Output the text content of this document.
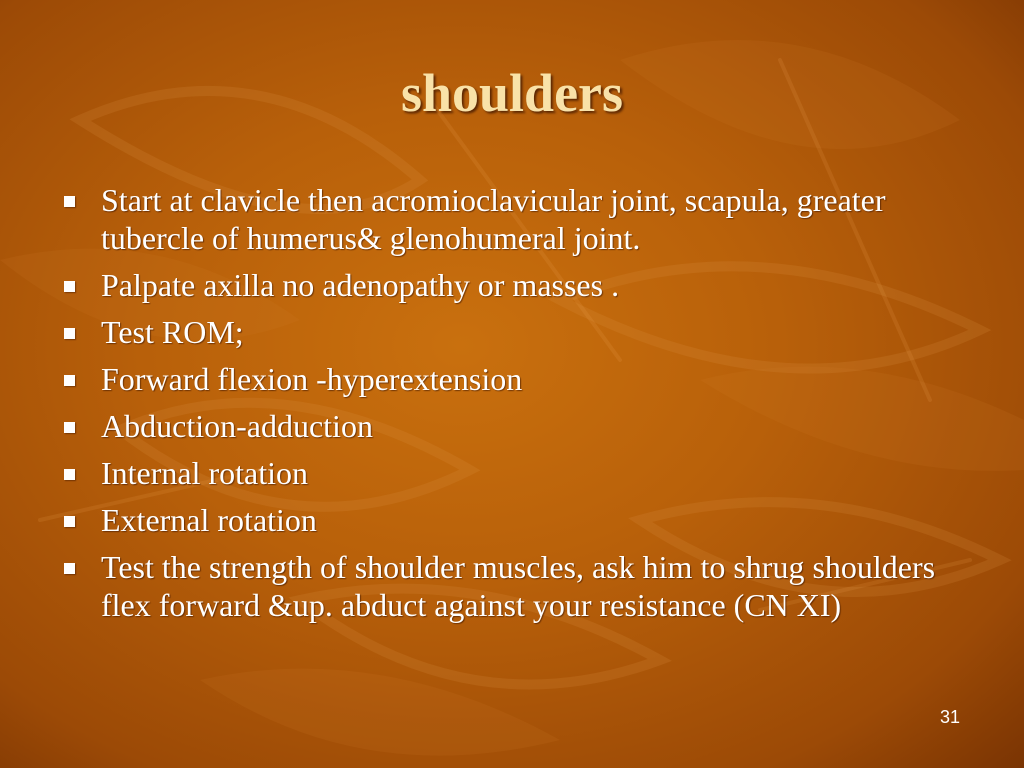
shoulders
Start at clavicle then acromioclavicular joint, scapula, greater tubercle of humerus& glenohumeral joint.
Palpate axilla no adenopathy or masses .
Test ROM;
Forward flexion -hyperextension
Abduction-adduction
Internal rotation
External rotation
Test the strength of shoulder muscles, ask him to shrug shoulders flex forward &up. abduct against your resistance (CN XI)
31
